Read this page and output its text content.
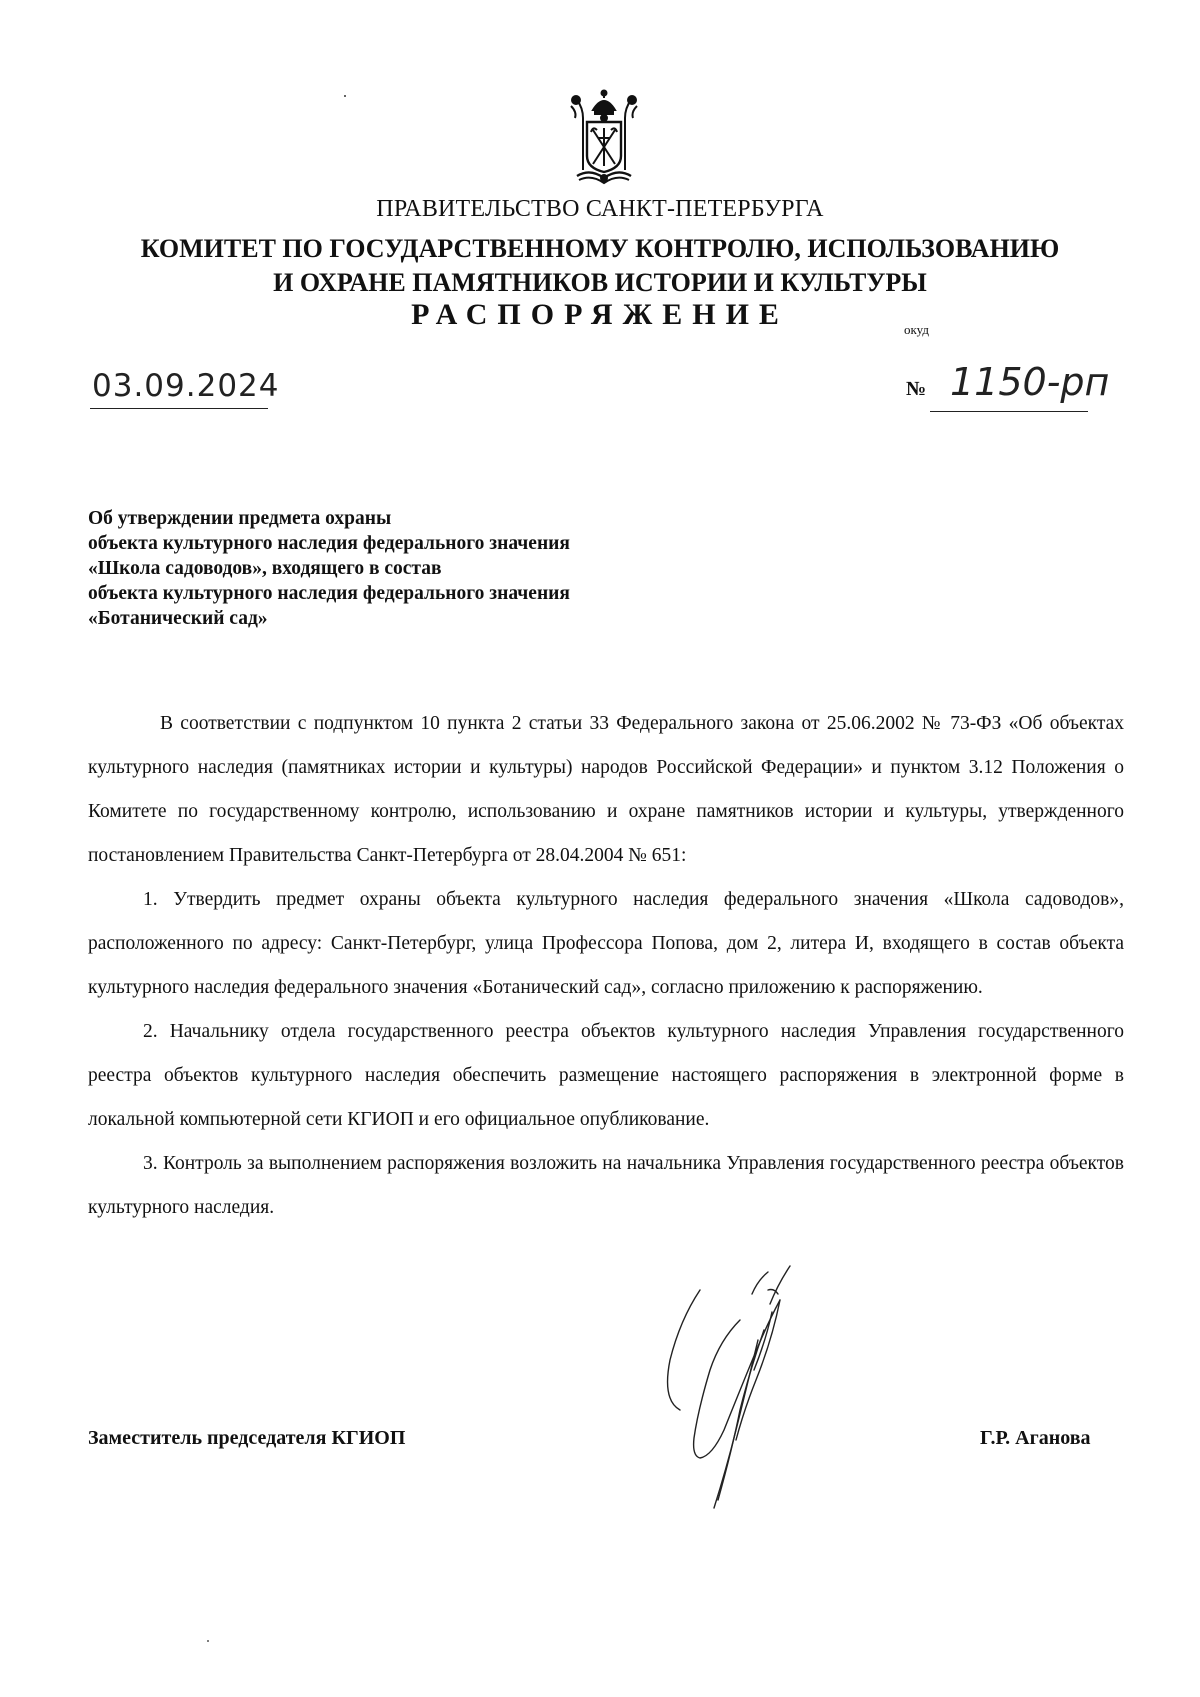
ПРАВИТЕЛЬСТВО САНКТ-ПЕТЕРБУРГА
КОМИТЕТ ПО ГОСУДАРСТВЕННОМУ КОНТРОЛЮ, ИСПОЛЬЗОВАНИЮ
И ОХРАНЕ ПАМЯТНИКОВ ИСТОРИИ И КУЛЬТУРЫ
РАСПОРЯЖЕНИЕ	окуд
03.09.2024	№ 1150-рп
Об утверждении предмета охраны
объекта культурного наследия федерального значения
«Школа садоводов», входящего в состав
объекта культурного наследия федерального значения
«Ботанический сад»

В соответствии с подпунктом 10 пункта 2 статьи 33 Федерального закона от 25.06.2002 № 73-ФЗ «Об объектах культурного наследия (памятниках истории и культуры) народов Российской Федерации» и пунктом 3.12 Положения о Комитете по государственному контролю, использованию и охране памятников истории и культуры, утвержденного постановлением Правительства Санкт-Петербурга от 28.04.2004 № 651:

1. Утвердить предмет охраны объекта культурного наследия федерального значения «Школа садоводов», расположенного по адресу: Санкт-Петербург, улица Профессора Попова, дом 2, литера И, входящего в состав объекта культурного наследия федерального значения «Ботанический сад», согласно приложению к распоряжению.

2. Начальнику отдела государственного реестра объектов культурного наследия Управления государственного реестра объектов культурного наследия обеспечить размещение настоящего распоряжения в электронной форме в локальной компьютерной сети КГИОП и его официальное опубликование.

3. Контроль за выполнением распоряжения возложить на начальника Управления государственного реестра объектов культурного наследия.

Заместитель председателя КГИОП	Г.Р. Аганова
